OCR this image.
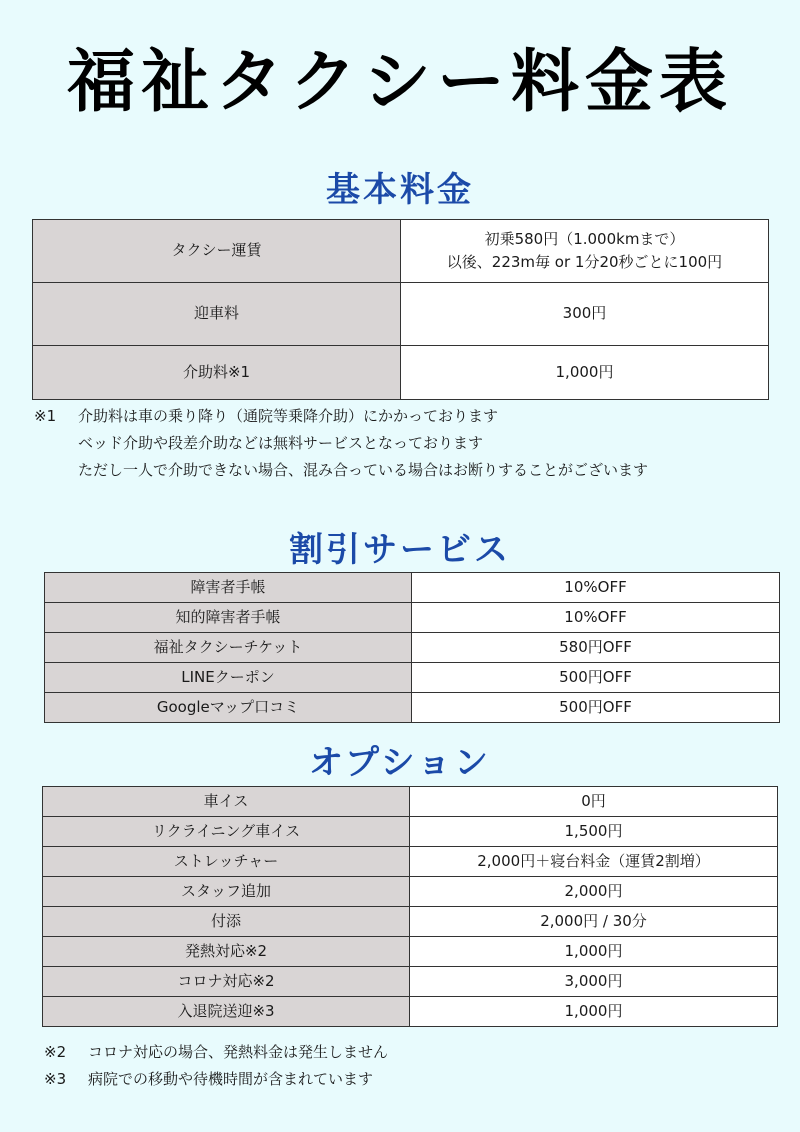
福祉タクシー料金表
基本料金
タクシー運賃	初乗580円（1.000kmまで）
以後、223m毎 or 1分20秒ごとに100円

迎車料	300円

介助料※1	1,000円
※1 介助料は車の乗り降り（通院等乗降介助）にかかっております
ベッド介助や段差介助などは無料サービスとなっております
ただし一人で介助できない場合、混み合っている場合はお断りすることがございます
割引サービス
障害者手帳	10%OFF
知的障害者手帳	10%OFF
福祉タクシーチケット	580円OFF
LINEクーポン	500円OFF
Googleマップ口コミ	500円OFF
オプション
車イス	0円
リクライニング車イス	1,500円
ストレッチャー	2,000円＋寝台料金（運賃2割増）
スタッフ追加	2,000円
付添	2,000円 / 30分
発熱対応※2	1,000円
コロナ対応※2	3,000円
入退院送迎※3	1,000円
※2 コロナ対応の場合、発熱料金は発生しません
※3 病院での移動や待機時間が含まれています
